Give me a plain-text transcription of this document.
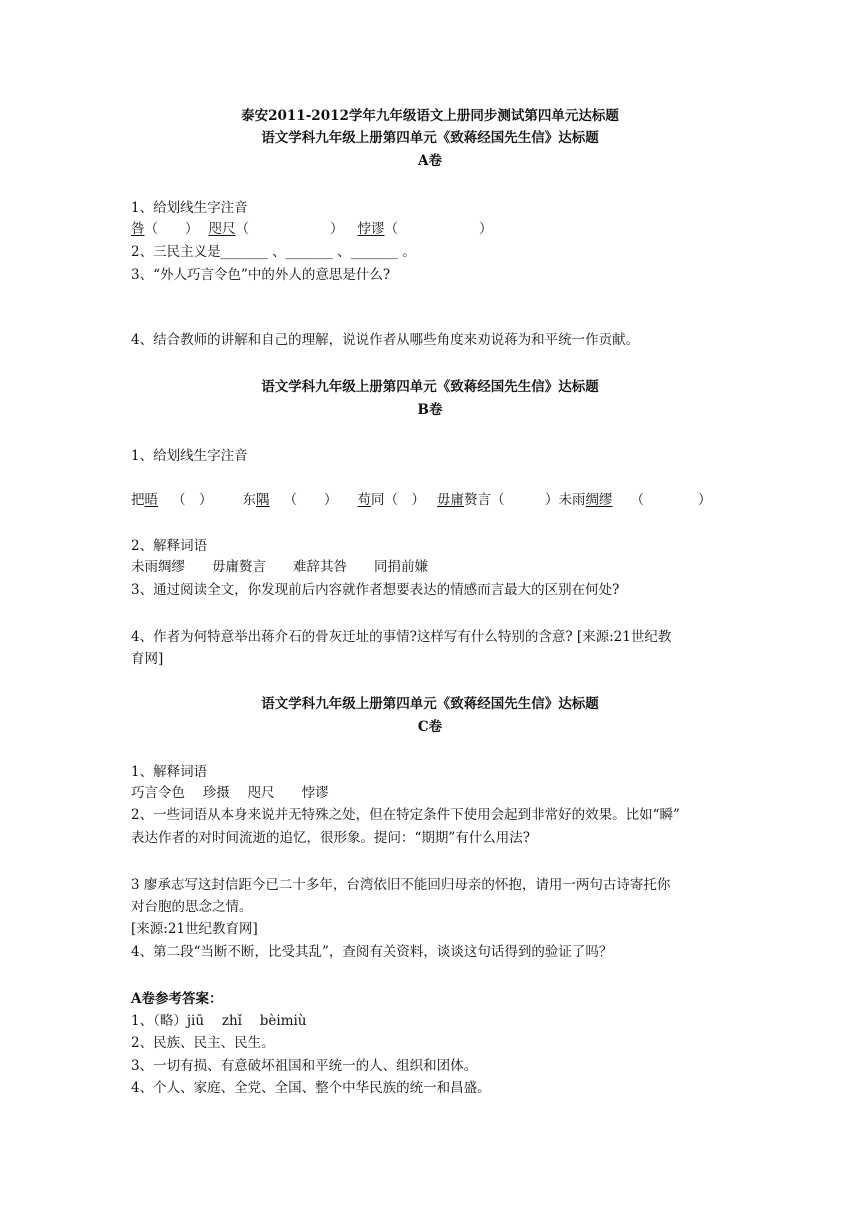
泰安2011-2012学年九年级语文上册同步测试第四单元达标题
语文学科九年级上册第四单元《致蒋经国先生信》达标题
A卷
1、给划线生字注音
咎（　　） 咫尺（　　　　　　） 悖谬（　　　　　　）
2、三民主义是_______ 、_______ 、_______ 。
3、“外人巧言令色”中的外人的意思是什么?
4、结合教师的讲解和自己的理解，说说作者从哪些角度来劝说蒋为和平统一作贡献。
语文学科九年级上册第四单元《致蒋经国先生信》达标题
B卷
1、给划线生字注音
把晤 （　） 东隅 （　　） 苟同（　） 毋庸赘言（　　　）未雨绸缪 （　　　　）
2、解释词语
未雨绸缪　　毋庸赘言　　难辞其咎　　同捐前嫌
3、通过阅读全文，你发现前后内容就作者想要表达的情感而言最大的区别在何处?
4、作者为何特意举出蒋介石的骨灰迁址的事情?这样写有什么特别的含意? [来源:21世纪教
育网]
语文学科九年级上册第四单元《致蒋经国先生信》达标题
C卷
1、解释词语
巧言令色　 珍摄　 咫尺　　悖谬
2、一些词语从本身来说并无特殊之处，但在特定条件下使用会起到非常好的效果。比如“瞬”
表达作者的对时间流逝的追忆，很形象。提问：“期期”有什么用法?
3 廖承志写这封信距今已二十多年，台湾依旧不能回归母亲的怀抱，请用一两句古诗寄托你
对台胞的思念之情。
[来源:21世纪教育网]
4、第二段“当断不断，比受其乱”，查阅有关资料，谈谈这句话得到的验证了吗？
A卷参考答案：
1、（略）jiū　 zhǐ　 bèimiù
2、民族、民主、民生。
3、一切有损、有意破坏祖国和平统一的人、组织和团体。
4、个人、家庭、全党、全国、整个中华民族的统一和昌盛。
